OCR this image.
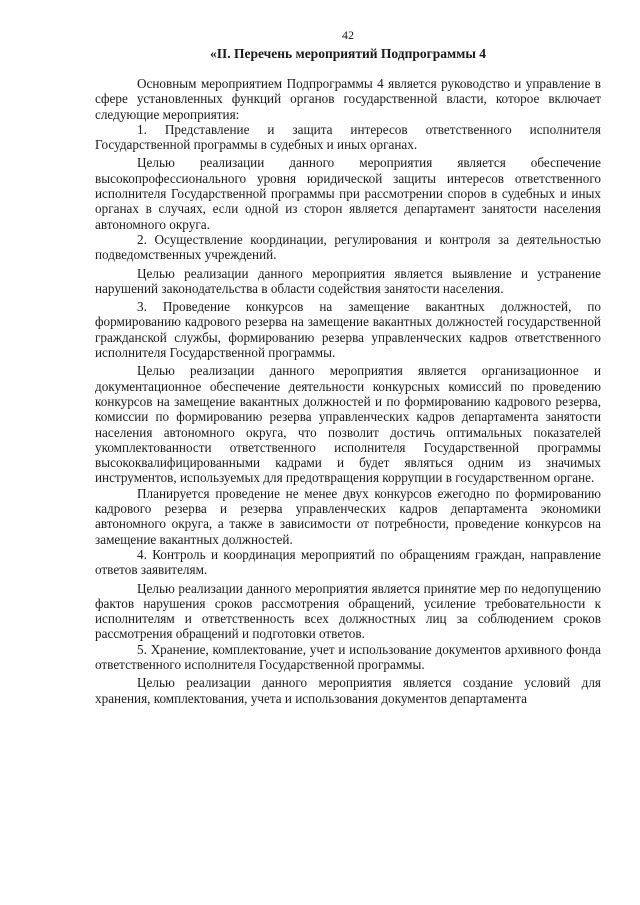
42
«II. Перечень мероприятий Подпрограммы 4

Основным мероприятием Подпрограммы 4 является руководство и управление в сфере установленных функций органов государственной власти, которое включает следующие мероприятия:

1. Представление и защита интересов ответственного исполнителя Государственной программы в судебных и иных органах.

Целью реализации данного мероприятия является обеспечение высокопрофессионального уровня юридической защиты интересов ответственного исполнителя Государственной программы при рассмотрении споров в судебных и иных органах в случаях, если одной из сторон является департамент занятости населения автономного округа.

2. Осуществление координации, регулирования и контроля за деятельностью подведомственных учреждений.

Целью реализации данного мероприятия является выявление и устранение нарушений законодательства в области содействия занятости населения.

3. Проведение конкурсов на замещение вакантных должностей, по формированию кадрового резерва на замещение вакантных должностей государственной гражданской службы, формированию резерва управленческих кадров ответственного исполнителя Государственной программы.

Целью реализации данного мероприятия является организационное и документационное обеспечение деятельности конкурсных комиссий по проведению конкурсов на замещение вакантных должностей и по формированию кадрового резерва, комиссии по формированию резерва управленческих кадров департамента занятости населения автономного округа, что позволит достичь оптимальных показателей укомплектованности ответственного исполнителя Государственной программы высококвалифицированными кадрами и будет являться одним из значимых инструментов, используемых для предотвращения коррупции в государственном органе.

Планируется проведение не менее двух конкурсов ежегодно по формированию кадрового резерва и резерва управленческих кадров департамента экономики автономного округа, а также в зависимости от потребности, проведение конкурсов на замещение вакантных должностей.

4. Контроль и координация мероприятий по обращениям граждан, направление ответов заявителям.

Целью реализации данного мероприятия является принятие мер по недопущению фактов нарушения сроков рассмотрения обращений, усиление требовательности к исполнителям и ответственность всех должностных лиц за соблюдением сроков рассмотрения обращений и подготовки ответов.

5. Хранение, комплектование, учет и использование документов архивного фонда ответственного исполнителя Государственной программы.

Целью реализации данного мероприятия является создание условий для хранения, комплектования, учета и использования документов департамента
